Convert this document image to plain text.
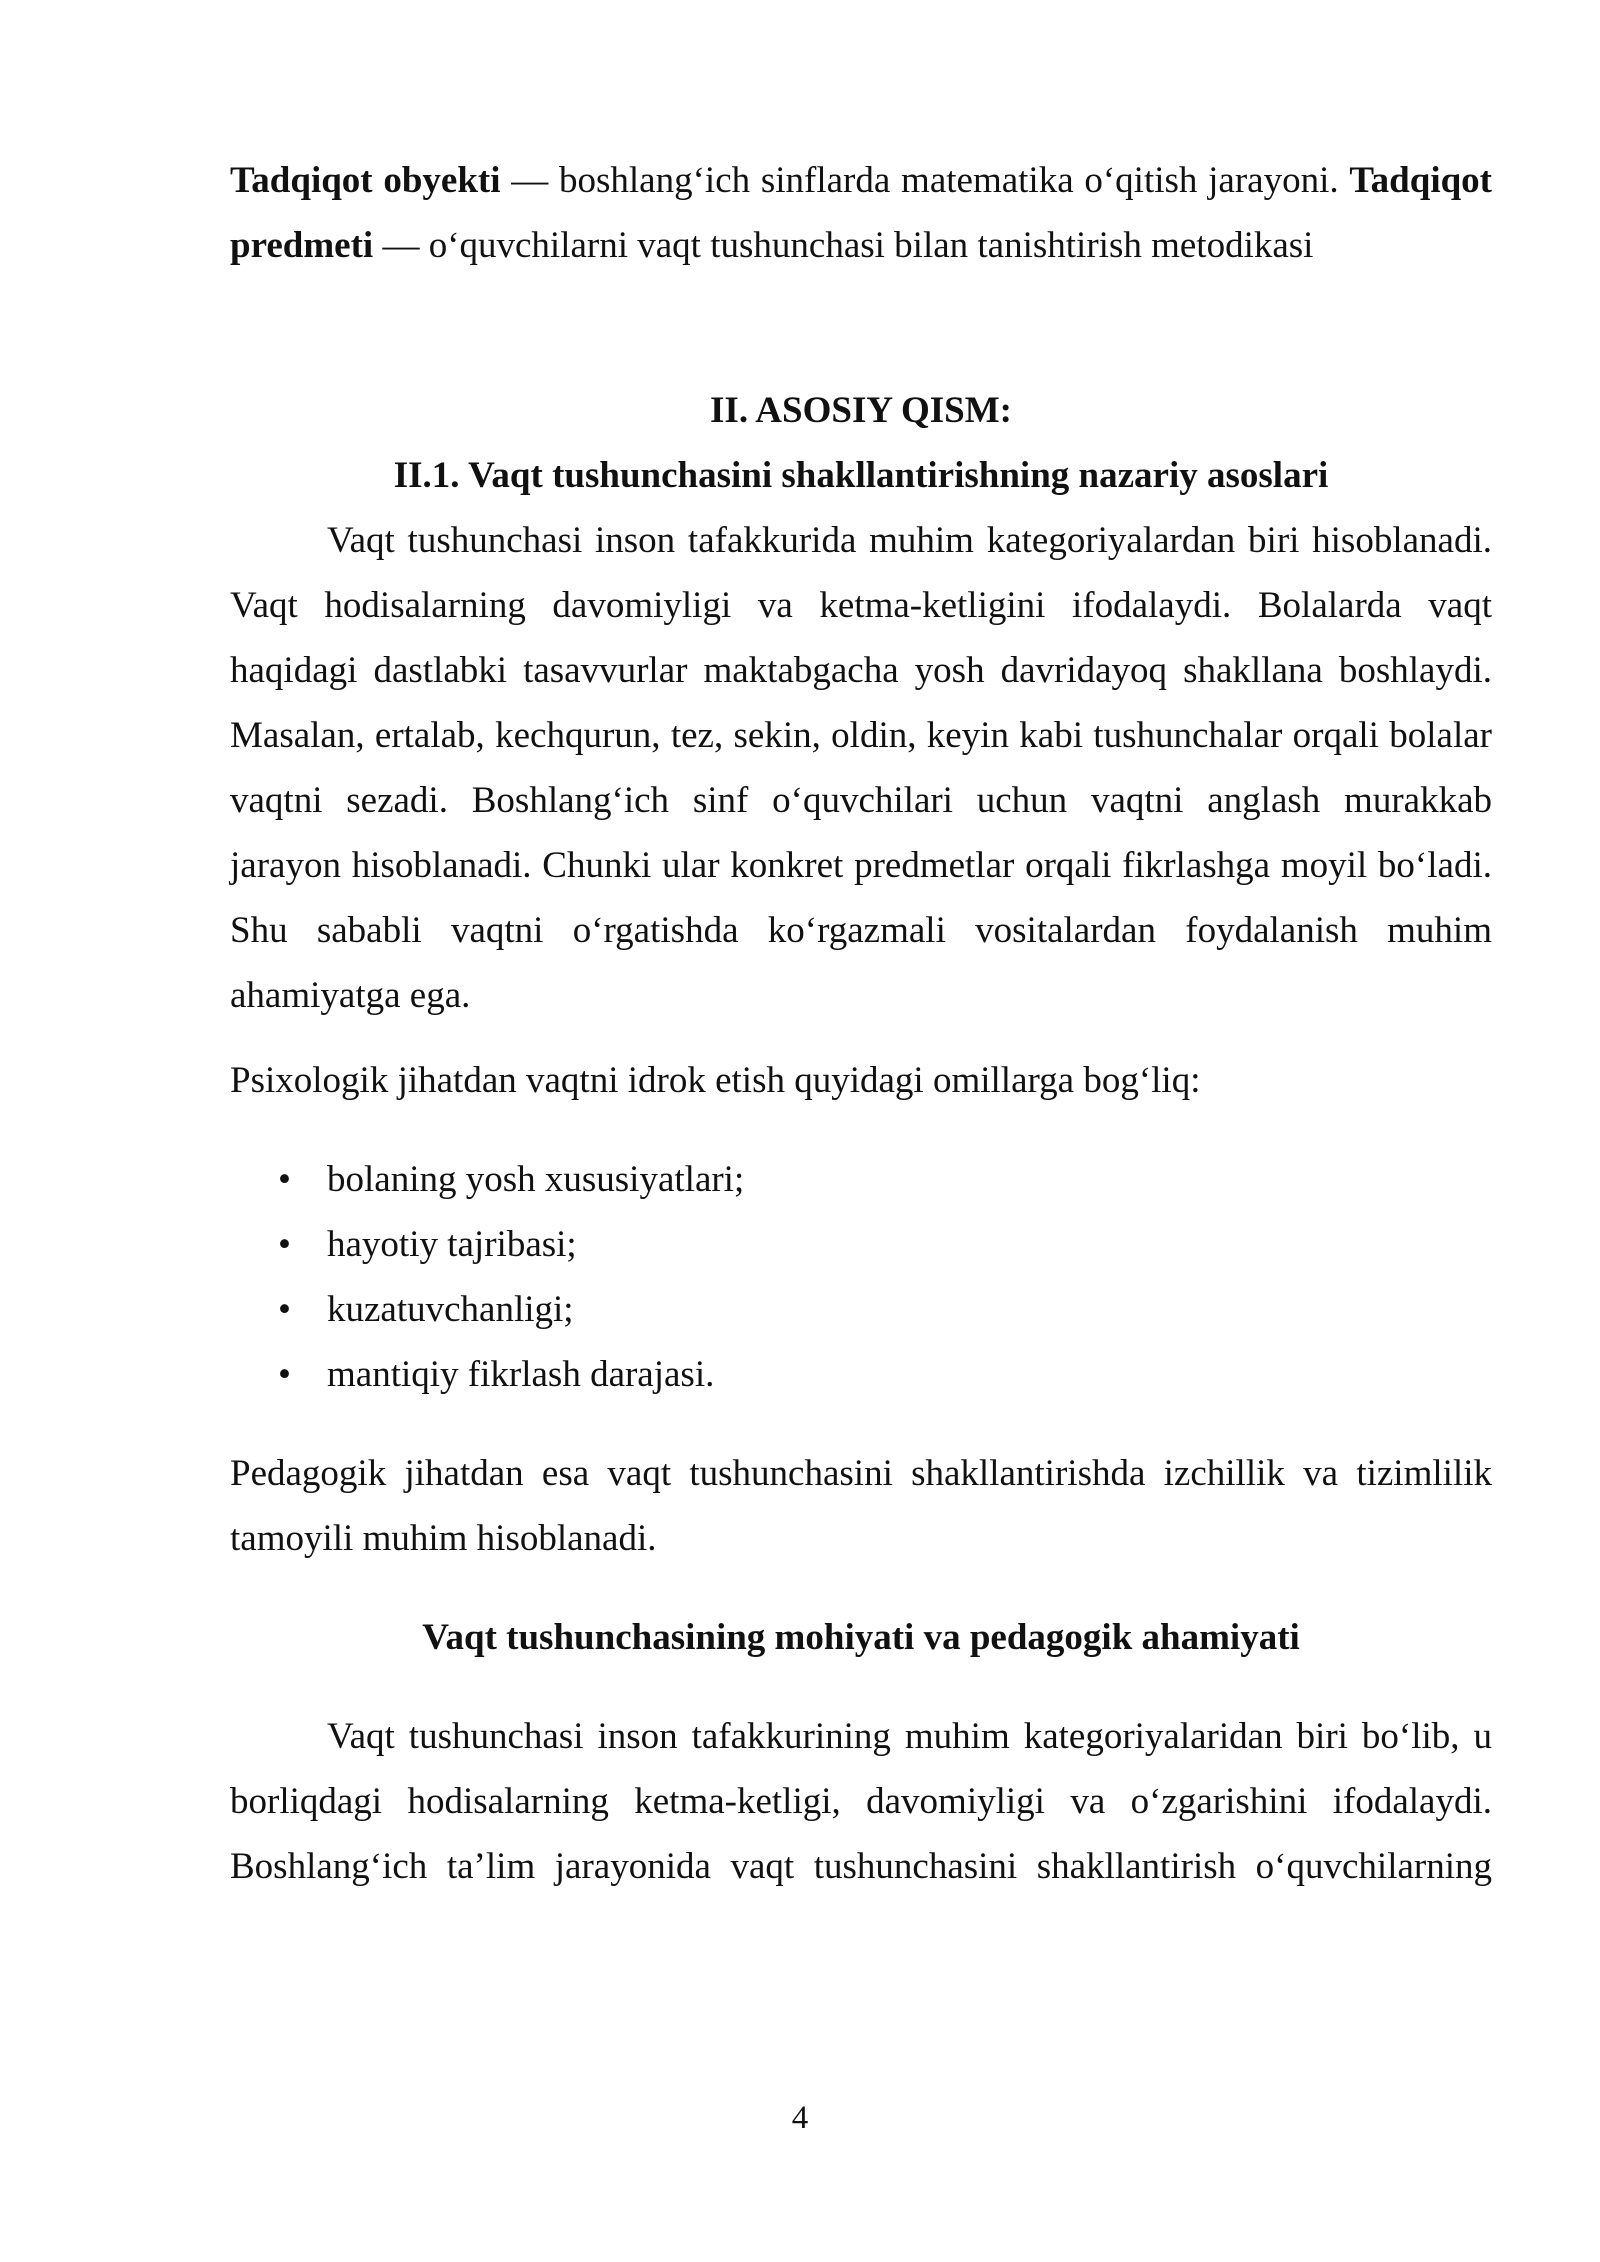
Tadqiqot obyekti — boshlang‘ich sinflarda matematika o‘qitish jarayoni. Tadqiqot predmeti — o‘quvchilarni vaqt tushunchasi bilan tanishtirish metodikasi

II. ASOSIY QISM:

II.1. Vaqt tushunchasini shakllantirishning nazariy asoslari

Vaqt tushunchasi inson tafakkurida muhim kategoriyalardan biri hisoblanadi. Vaqt hodisalarning davomiyligi va ketma-ketligini ifodalaydi. Bolalarda vaqt haqidagi dastlabki tasavvurlar maktabgacha yosh davridayoq shakllana boshlaydi. Masalan, ertalab, kechqurun, tez, sekin, oldin, keyin kabi tushunchalar orqali bolalar vaqtni sezadi. Boshlang‘ich sinf o‘quvchilari uchun vaqtni anglash murakkab jarayon hisoblanadi. Chunki ular konkret predmetlar orqali fikrlashga moyil bo‘ladi. Shu sababli vaqtni o‘rgatishda ko‘rgazmali vositalardan foydalanish muhim ahamiyatga ega.

Psixologik jihatdan vaqtni idrok etish quyidagi omillarga bog‘liq:

• bolaning yosh xususiyatlari;
• hayotiy tajribasi;
• kuzatuvchanligi;
• mantiqiy fikrlash darajasi.

Pedagogik jihatdan esa vaqt tushunchasini shakllantirishda izchillik va tizimlilik tamoyili muhim hisoblanadi.

Vaqt tushunchasining mohiyati va pedagogik ahamiyati

Vaqt tushunchasi inson tafakkurining muhim kategoriyalaridan biri bo‘lib, u borliqdagi hodisalarning ketma-ketligi, davomiyligi va o‘zgarishini ifodalaydi. Boshlang‘ich ta’lim jarayonida vaqt tushunchasini shakllantirish o‘quvchilarning

4
